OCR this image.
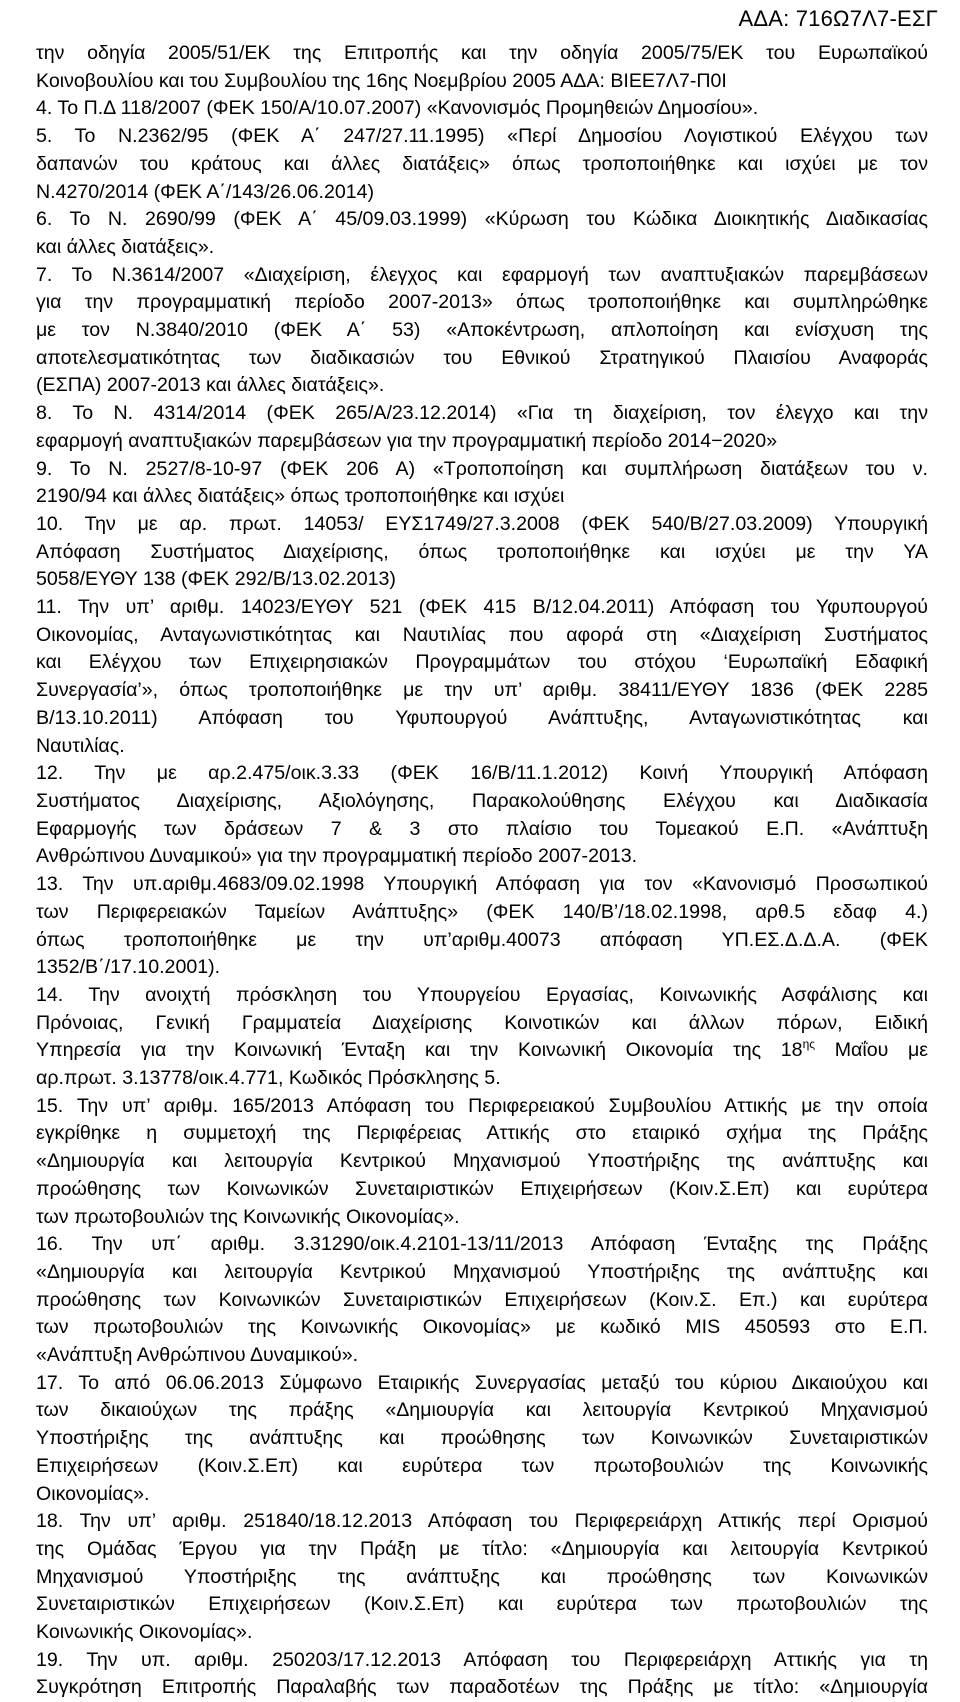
ΑΔΑ: 716Ω7Λ7-ΕΣΓ
την οδηγία 2005/51/ΕΚ της Επιτροπής και την οδηγία 2005/75/ΕΚ του Ευρωπαϊκού
Κοινοβουλίου και του Συμβουλίου της 16ης Νοεμβρίου 2005 ΑΔΑ: ΒΙΕΕ7Λ7-Π0Ι
4. Το Π.Δ 118/2007 (ΦΕΚ 150/Α/10.07.2007) «Κανονισμός Προμηθειών Δημοσίου».
5. Το Ν.2362/95 (ΦΕΚ Α΄ 247/27.11.1995) «Περί Δημοσίου Λογιστικού Ελέγχου των
δαπανών του κράτους και άλλες διατάξεις» όπως τροποποιήθηκε και ισχύει με τον
Ν.4270/2014 (ΦΕΚ Α΄/143/26.06.2014)
6. Το Ν. 2690/99 (ΦΕΚ Α΄ 45/09.03.1999) «Κύρωση του Κώδικα Διοικητικής Διαδικασίας
και άλλες διατάξεις».
7. Το Ν.3614/2007 «Διαχείριση, έλεγχος και εφαρμογή των αναπτυξιακών παρεμβάσεων
για την προγραμματική περίοδο 2007-2013» όπως τροποποιήθηκε και συμπληρώθηκε
με τον Ν.3840/2010 (ΦΕΚ Α΄ 53) «Αποκέντρωση, απλοποίηση και ενίσχυση της
αποτελεσματικότητας των διαδικασιών του Εθνικού Στρατηγικού Πλαισίου Αναφοράς
(ΕΣΠΑ) 2007-2013 και άλλες διατάξεις».
8. Το Ν. 4314/2014 (ΦΕΚ 265/Α/23.12.2014) «Για τη διαχείριση, τον έλεγχο και την
εφαρμογή αναπτυξιακών παρεμβάσεων για την προγραμματική περίοδο 2014−2020»
9. Το Ν. 2527/8-10-97 (ΦΕΚ 206 Α) «Τροποποίηση και συμπλήρωση διατάξεων του ν.
2190/94 και άλλες διατάξεις» όπως τροποποιήθηκε και ισχύει
10. Την με αρ. πρωτ. 14053/ ΕΥΣ1749/27.3.2008 (ΦΕΚ 540/Β/27.03.2009) Υπουργική
Απόφαση Συστήματος Διαχείρισης, όπως τροποποιήθηκε και ισχύει με την ΥΑ
5058/ΕΥΘΥ 138 (ΦΕΚ 292/Β/13.02.2013)
11. Την υπ’ αριθμ. 14023/ΕΥΘΥ 521 (ΦΕΚ 415 Β/12.04.2011) Απόφαση του Υφυπουργού
Οικονομίας, Ανταγωνιστικότητας και Ναυτιλίας που αφορά στη «Διαχείριση Συστήματος
και Ελέγχου των Επιχειρησιακών Προγραμμάτων του στόχου ‘Ευρωπαϊκή Εδαφική
Συνεργασία’», όπως τροποποιήθηκε με την υπ’ αριθμ. 38411/ΕΥΘΥ 1836 (ΦΕΚ 2285
Β/13.10.2011) Απόφαση του Υφυπουργού Ανάπτυξης, Ανταγωνιστικότητας και
Ναυτιλίας.
12. Την με αρ.2.475/οικ.3.33 (ΦΕΚ 16/Β/11.1.2012) Κοινή Υπουργική Απόφαση
Συστήματος Διαχείρισης, Αξιολόγησης, Παρακολούθησης Ελέγχου και Διαδικασία
Εφαρμογής των δράσεων 7 & 3 στο πλαίσιο του Τομεακού Ε.Π. «Ανάπτυξη
Ανθρώπινου Δυναμικού» για την προγραμματική περίοδο 2007-2013.
13. Την υπ.αριθμ.4683/09.02.1998 Υπουργική Απόφαση για τον «Κανονισμό Προσωπικού
των Περιφερειακών Ταμείων Ανάπτυξης» (ΦΕΚ 140/Β’/18.02.1998, αρθ.5 εδαφ 4.)
όπως τροποποιήθηκε με την υπ’αριθμ.40073 απόφαση ΥΠ.ΕΣ.Δ.Δ.Α. (ΦΕΚ
1352/Β΄/17.10.2001).
14. Την ανοιχτή πρόσκληση του Υπουργείου Εργασίας, Κοινωνικής Ασφάλισης και
Πρόνοιας, Γενική Γραμματεία Διαχείρισης Κοινοτικών και άλλων πόρων, Ειδική
Υπηρεσία για την Κοινωνική Ένταξη και την Κοινωνική Οικονομία της $18^{\eta\varsigma}$ Μαΐου με
αρ.πρωτ. 3.13778/οικ.4.771, Κωδικός Πρόσκλησης 5.
15. Την υπ’ αριθμ. 165/2013 Απόφαση του Περιφερειακού Συμβουλίου Αττικής με την οποία
εγκρίθηκε η συμμετοχή της Περιφέρειας Αττικής στο εταιρικό σχήμα της Πράξης
«Δημιουργία και λειτουργία Κεντρικού Μηχανισμού Υποστήριξης της ανάπτυξης και
προώθησης των Κοινωνικών Συνεταιριστικών Επιχειρήσεων (Κοιν.Σ.Επ) και ευρύτερα
των πρωτοβουλιών της Κοινωνικής Οικονομίας».
16. Την υπ΄ αριθμ. 3.31290/οικ.4.2101-13/11/2013 Απόφαση Ένταξης της Πράξης
«Δημιουργία και λειτουργία Κεντρικού Μηχανισμού Υποστήριξης της ανάπτυξης και
προώθησης των Κοινωνικών Συνεταιριστικών Επιχειρήσεων (Κοιν.Σ. Επ.) και ευρύτερα
των πρωτοβουλιών της Κοινωνικής Οικονομίας» με κωδικό MIS 450593 στο Ε.Π.
«Ανάπτυξη Ανθρώπινου Δυναμικού».
17. Το από 06.06.2013 Σύμφωνο Εταιρικής Συνεργασίας μεταξύ του κύριου Δικαιούχου και
των δικαιούχων της πράξης «Δημιουργία και λειτουργία Κεντρικού Μηχανισμού
Υποστήριξης της ανάπτυξης και προώθησης των Κοινωνικών Συνεταιριστικών
Επιχειρήσεων (Κοιν.Σ.Επ) και ευρύτερα των πρωτοβουλιών της Κοινωνικής
Οικονομίας».
18. Την υπ’ αριθμ. 251840/18.12.2013 Απόφαση του Περιφερειάρχη Αττικής περί Ορισμού
της Ομάδας Έργου για την Πράξη με τίτλο: «Δημιουργία και λειτουργία Κεντρικού
Μηχανισμού Υποστήριξης της ανάπτυξης και προώθησης των Κοινωνικών
Συνεταιριστικών Επιχειρήσεων (Κοιν.Σ.Επ) και ευρύτερα των πρωτοβουλιών της
Κοινωνικής Οικονομίας».
19. Την υπ. αριθμ. 250203/17.12.2013 Απόφαση του Περιφερειάρχη Αττικής για τη
Συγκρότηση Επιτροπής Παραλαβής των παραδοτέων της Πράξης με τίτλο: «Δημιουργία
